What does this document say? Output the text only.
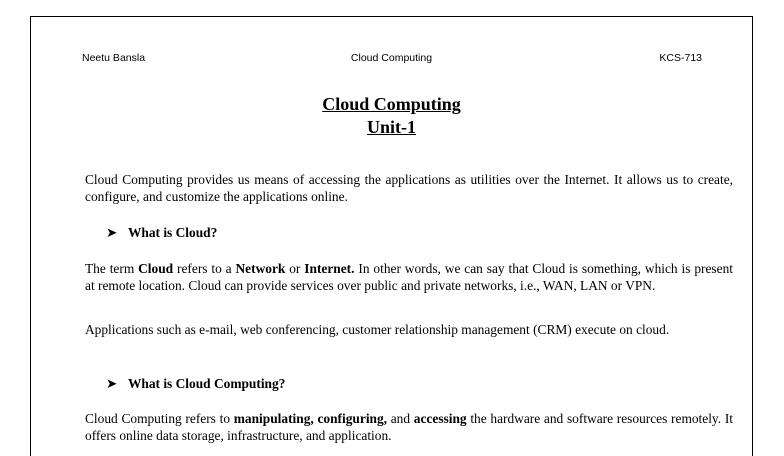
Neetu Bansla	Cloud Computing	KCS-713
Cloud Computing
Unit-1

Cloud Computing provides us means of accessing the applications as utilities over the Internet. It allows us to create, configure, and customize the applications online.

➤ What is Cloud?

The term Cloud refers to a Network or Internet. In other words, we can say that Cloud is something, which is present at remote location. Cloud can provide services over public and private networks, i.e., WAN, LAN or VPN.

Applications such as e-mail, web conferencing, customer relationship management (CRM) execute on cloud.

➤ What is Cloud Computing?

Cloud Computing refers to manipulating, configuring, and accessing the hardware and software resources remotely. It offers online data storage, infrastructure, and application.
